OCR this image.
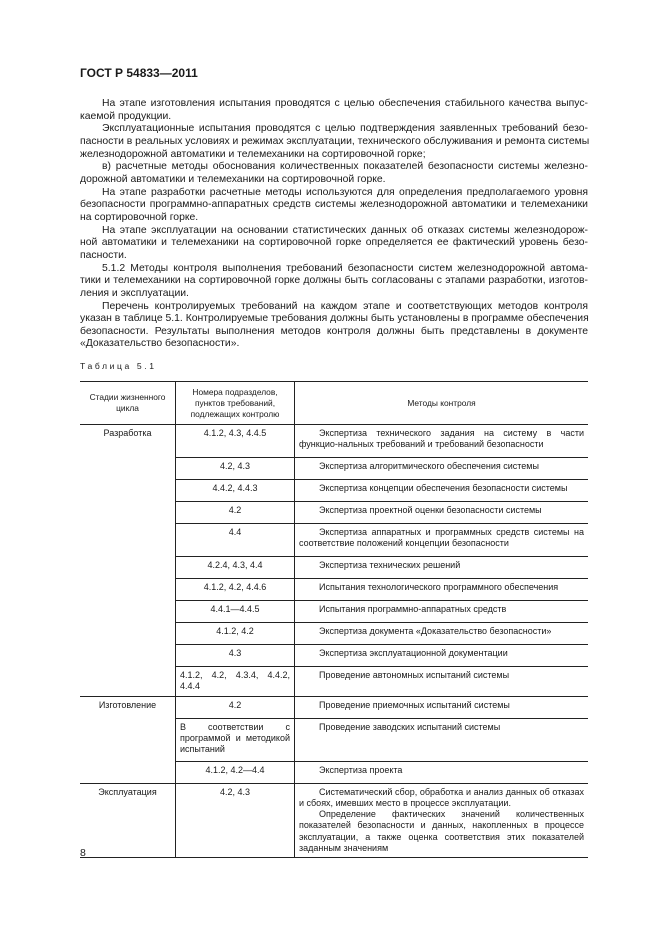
ГОСТ Р 54833—2011
На этапе изготовления испытания проводятся с целью обеспечения стабильного качества выпус-
каемой продукции.
Эксплуатационные испытания проводятся с целью подтверждения заявленных требований безо-
пасности в реальных условиях и режимах эксплуатации, технического обслуживания и ремонта системы
железнодорожной автоматики и телемеханики на сортировочной горке;
в) расчетные методы обоснования количественных показателей безопасности системы железно-
дорожной автоматики и телемеханики на сортировочной горке.
На этапе разработки расчетные методы используются для определения предполагаемого уровня
безопасности программно-аппаратных средств системы железнодорожной автоматики и телемеханики
на сортировочной горке.
На этапе эксплуатации на основании статистических данных об отказах системы железнодорож-
ной автоматики и телемеханики на сортировочной горке определяется ее фактический уровень безо-
пасности.
5.1.2 Методы контроля выполнения требований безопасности систем железнодорожной автома-
тики и телемеханики на сортировочной горке должны быть согласованы с этапами разработки, изготов-
ления и эксплуатации.
Перечень контролируемых требований на каждом этапе и соответствующих методов контроля
указан в таблице 5.1. Контролируемые требования должны быть установлены в программе обеспечения
безопасности. Результаты выполнения методов контроля должны быть представлены в документе
«Доказательство безопасности».
Таблица 5.1
Стадии жизненного цикла	Номера подразделов, пунктов требований, подлежащих контролю	Методы контроля
Разработка	4.1.2, 4.3, 4.4.5	Экспертиза технического задания на систему в части функцио-нальных требований и требований безопасности

	4.2, 4.3	Экспертиза алгоритмического обеспечения системы

	4.4.2, 4.4.3	Экспертиза концепции обеспечения безопасности системы

	4.2	Экспертиза проектной оценки безопасности системы

	4.4	Экспертиза аппаратных и программных средств системы на соответствие положений концепции безопасности

	4.2.4, 4.3, 4.4	Экспертиза технических решений

	4.1.2, 4.2, 4.4.6	Испытания технологического программного обеспечения

	4.4.1—4.4.5	Испытания программно-аппаратных средств

	4.1.2, 4.2	Экспертиза документа «Доказательство безопасности»

	4.3	Экспертиза эксплуатационной документации

	4.1.2, 4.2, 4.3.4, 4.4.2, 4.4.4	Проведение автономных испытаний системы

Изготовление	4.2	Проведение приемочных испытаний системы

	В соответствии с программой и методикой испытаний	Проведение заводских испытаний системы

	4.1.2, 4.2—4.4	Экспертиза проекта

Эксплуатация	4.2, 4.3	Систематический сбор, обработка и анализ данных об отказах и сбоях, имевших место в процессе эксплуатации.
Определение фактических значений количественных показателей безопасности и данных, накопленных в процессе эксплуатации, а также оценка соответствия этих показателей заданным значениям
8
